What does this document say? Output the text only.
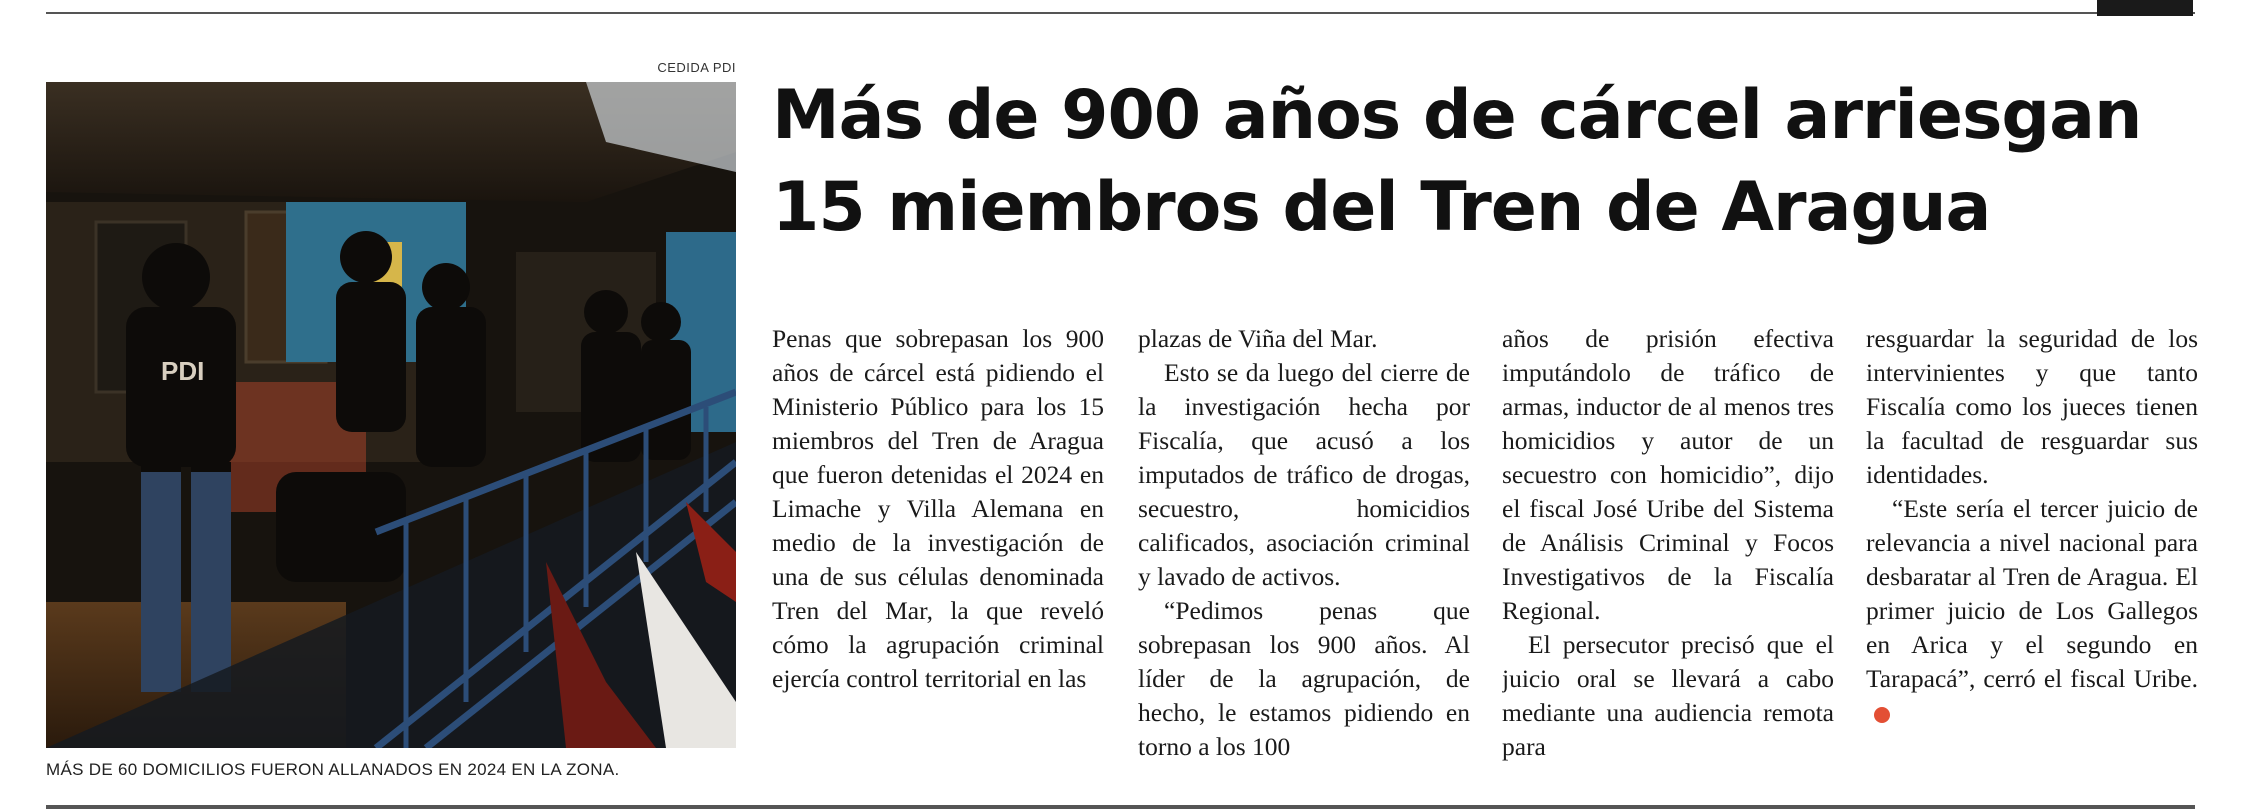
CEDIDA PDI
PDI
MÁS DE 60 DOMICILIOS FUERON ALLANADOS EN 2024 EN LA ZONA.
Más de 900 años de cárcel arriesgan 15 miembros del Tren de Aragua

Penas que sobrepasan los 900 años de cárcel está pidiendo el Ministerio Público para los 15 miembros del Tren de Aragua que fueron detenidas el 2024 en Limache y Villa Alemana en medio de la investigación de una de sus células denominada Tren del Mar, la que reveló cómo la agrupación criminal ejercía control territorial en las

plazas de Viña del Mar.

Esto se da luego del cierre de la investigación hecha por Fiscalía, que acusó a los imputados de tráfico de drogas, secuestro, homicidios calificados, asociación criminal y lavado de activos.

“Pedimos penas que sobrepasan los 900 años. Al líder de la agrupación, de hecho, le estamos pidiendo en torno a los 100

años de prisión efectiva imputándolo de tráfico de armas, inductor de al menos tres homicidios y autor de un secuestro con homicidio”, dijo el fiscal José Uribe del Sistema de Análisis Criminal y Focos Investigativos de la Fiscalía Regional.

El persecutor precisó que el juicio oral se llevará a cabo mediante una audiencia remota para

resguardar la seguridad de los intervinientes y que tanto Fiscalía como los jueces tienen la facultad de resguardar sus identidades.

“Este sería el tercer juicio de relevancia a nivel nacional para desbaratar al Tren de Aragua. El primer juicio de Los Gallegos en Arica y el segundo en Tarapacá”, cerró el fiscal Uribe.
